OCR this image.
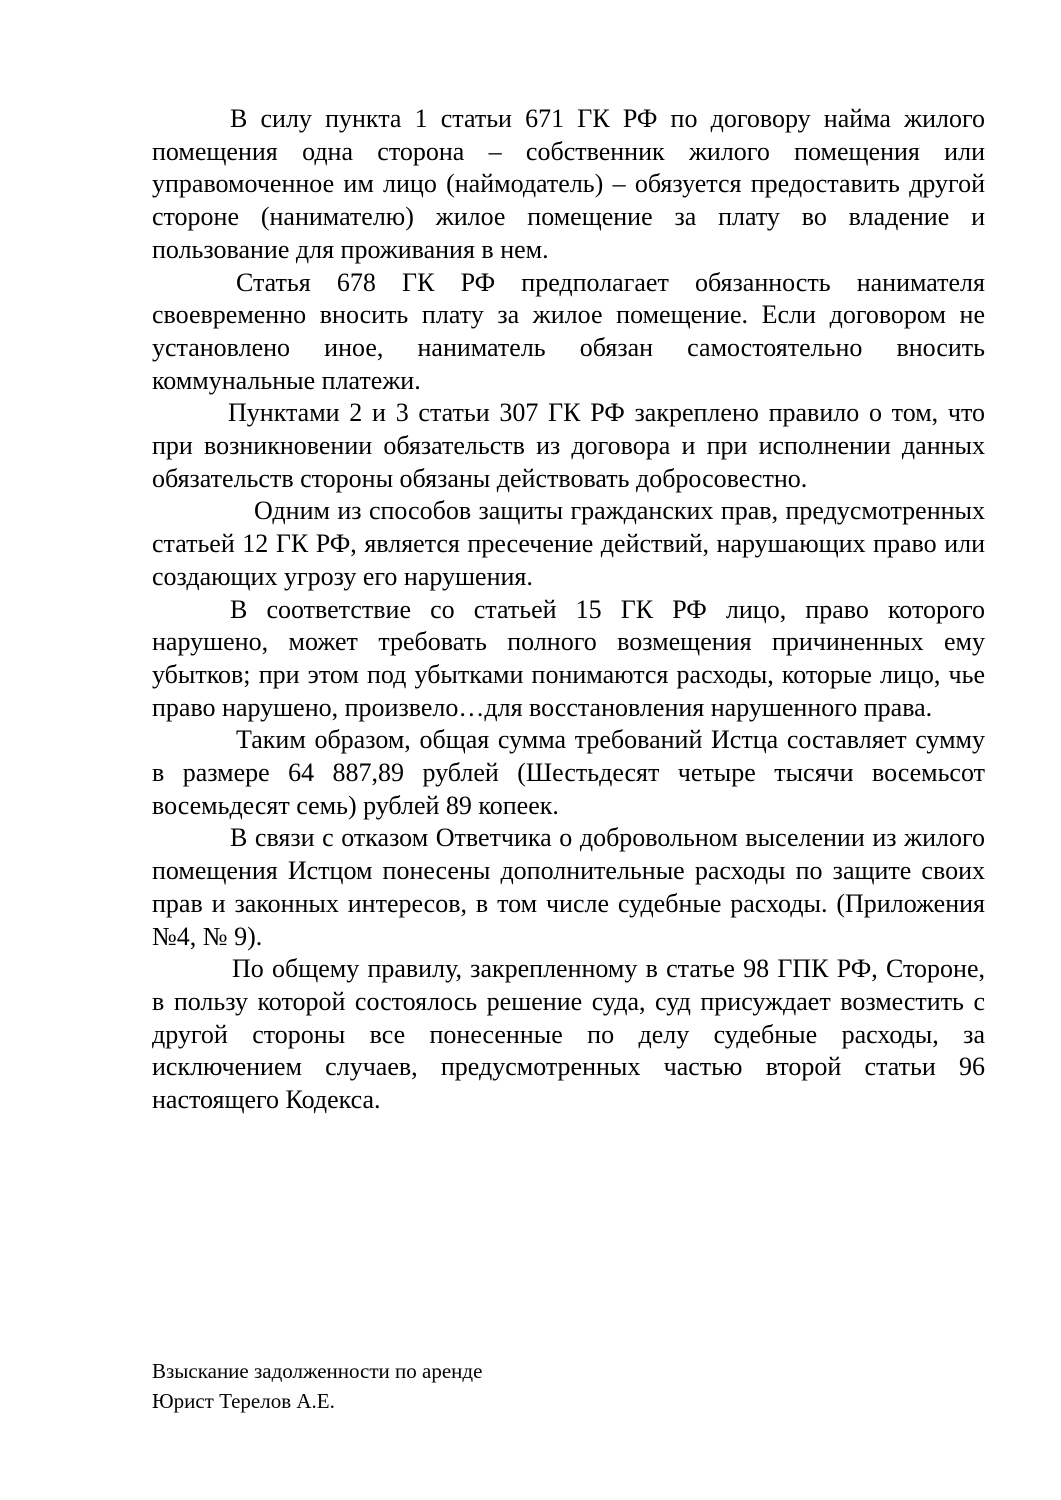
В силу пункта 1 статьи 671 ГК РФ по договору найма жилого помещения одна сторона – собственник жилого помещения или управомоченное им лицо (наймодатель) – обязуется предоставить другой стороне (нанимателю) жилое помещение за плату во владение и пользование для проживания в нем.

Статья 678 ГК РФ предполагает обязанность нанимателя своевременно вносить плату за жилое помещение. Если договором не установлено иное, наниматель обязан самостоятельно вносить коммунальные платежи.

Пунктами 2 и 3 статьи 307 ГК РФ закреплено правило о том, что при возникновении обязательств из договора и при исполнении данных обязательств стороны обязаны действовать добросовестно.

Одним из способов защиты гражданских прав, предусмотренных статьей 12 ГК РФ, является пресечение действий, нарушающих право или создающих угрозу его нарушения.

В соответствие со статьей 15 ГК РФ лицо, право которого нарушено, может требовать полного возмещения причиненных ему убытков; при этом под убытками понимаются расходы, которые лицо, чье право нарушено, произвело…для восстановления нарушенного права.

Таким образом, общая сумма требований Истца составляет сумму в размере 64 887,89 рублей (Шестьдесят четыре тысячи восемьсот восемьдесят семь) рублей 89 копеек.

В связи с отказом Ответчика о добровольном выселении из жилого помещения Истцом понесены дополнительные расходы по защите своих прав и законных интересов, в том числе судебные расходы. (Приложения №4, № 9).

По общему правилу, закрепленному в статье 98 ГПК РФ, Стороне, в пользу которой состоялось решение суда, суд присуждает возместить с другой стороны все понесенные по делу судебные расходы, за исключением случаев, предусмотренных частью второй статьи 96 настоящего Кодекса.

Взыскание задолженности по аренде
Юрист Терелов А.Е.
